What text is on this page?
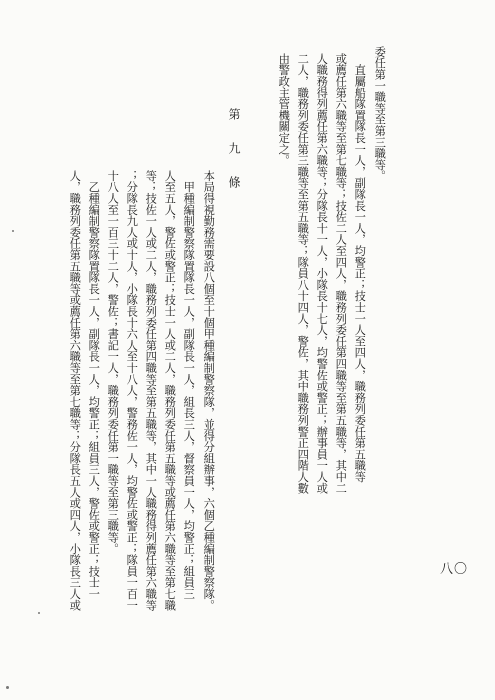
委任第一職等至第三職等。
　直屬船隊置隊長一人，副隊長一人，均警正；技士一人至四人，職務列委任第五職等
或薦任第六職等至第七職等；技佐二人至四人，職務列委任第四職等至第五職等，其中二
人職務得列薦任第六職等；分隊長十一人，小隊長十七人，均警佐或警正；辦事員一人或
二人，職務列委任第三職等至第五職等；隊員八十四人，警佐，其中職務列警正四階人數
由警政主管機關定之。
第九條
本局得視勤務需要設八個至十個甲種編制警察隊，並得分組辦事，六個乙種編制警察隊。
　甲種編制警察隊置隊長一人，副隊長一人，組長三人，督察員一人，均警正；組員三
人至五人，警佐或警正；技士一人或二人，職務列委任第五職等或薦任第六職等至第七職
等；技佐一人或二人，職務列委任第四職等至第五職等，其中一人職務得列薦任第六職等
；分隊長九人或十人，小隊長十六人至十八人，警務佐一人，均警佐或警正；隊員一百一
十八人至一百三十二人，警佐；書記一人，職務列委任第一職等至第三職等。
　乙種編制警察隊置隊長一人，副隊長一人，均警正；組員三人，警佐或警正；技士一
人，職務列委任第五職等或薦任第六職等至第七職等；分隊長五人或四人，小隊長三人或	八〇
